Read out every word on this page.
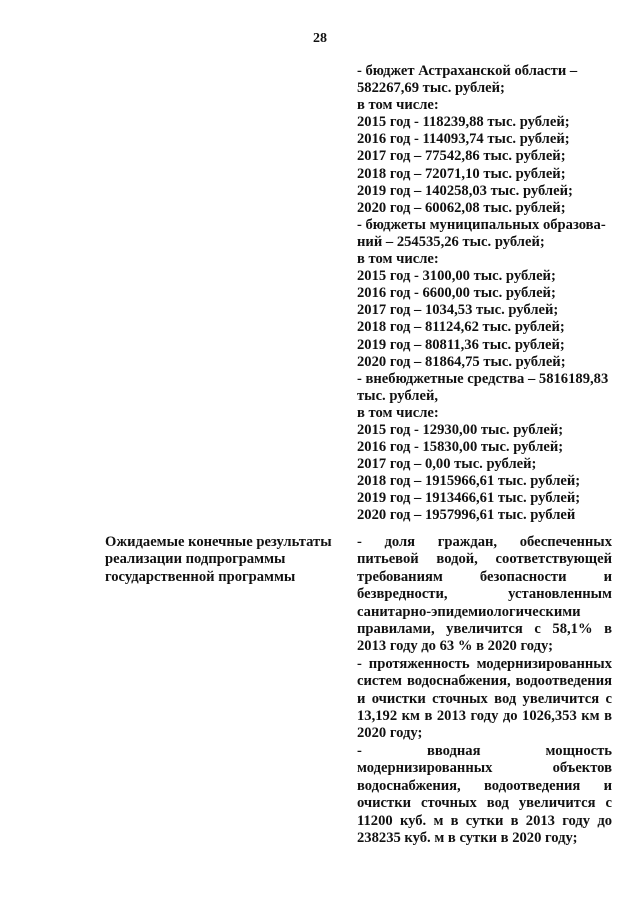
28
- бюджет Астраханской области –
582267,69 тыс. рублей;
в том числе:
2015 год - 118239,88 тыс. рублей;
2016 год - 114093,74 тыс. рублей;
2017 год – 77542,86 тыс. рублей;
2018 год – 72071,10 тыс. рублей;
2019 год – 140258,03 тыс. рублей;
2020 год – 60062,08 тыс. рублей;
- бюджеты муниципальных образова-
ний – 254535,26 тыс. рублей;
в том числе:
2015 год - 3100,00 тыс. рублей;
2016 год - 6600,00 тыс. рублей;
2017 год – 1034,53 тыс. рублей;
2018 год – 81124,62 тыс. рублей;
2019 год – 80811,36 тыс. рублей;
2020 год – 81864,75 тыс. рублей;
- внебюджетные средства – 5816189,83
тыс. рублей,
в том числе:
2015 год - 12930,00 тыс. рублей;
2016 год - 15830,00 тыс. рублей;
2017 год – 0,00 тыс. рублей;
2018 год – 1915966,61 тыс. рублей;
2019 год – 1913466,61 тыс. рублей;
2020 год – 1957996,61 тыс. рублей
Ожидаемые конечные результаты реализации подпрограммы государственной программы

- доля граждан, обеспеченных питьевой водой, соответствующей требованиям безопасности и безвредности, установленным санитарно-эпидемиологическими правилами, увеличится с 58,1% в 2013 году до 63 % в 2020 году;

- протяженность модернизированных систем водоснабжения, водоотведения и очистки сточных вод увеличится с 13,192 км в 2013 году до 1026,353 км в 2020 году;

- вводная мощность модернизированных объектов водоснабжения, водоотведения и очистки сточных вод увеличится с 11200 куб. м в сутки в 2013 году до 238235 куб. м в сутки в 2020 году;
